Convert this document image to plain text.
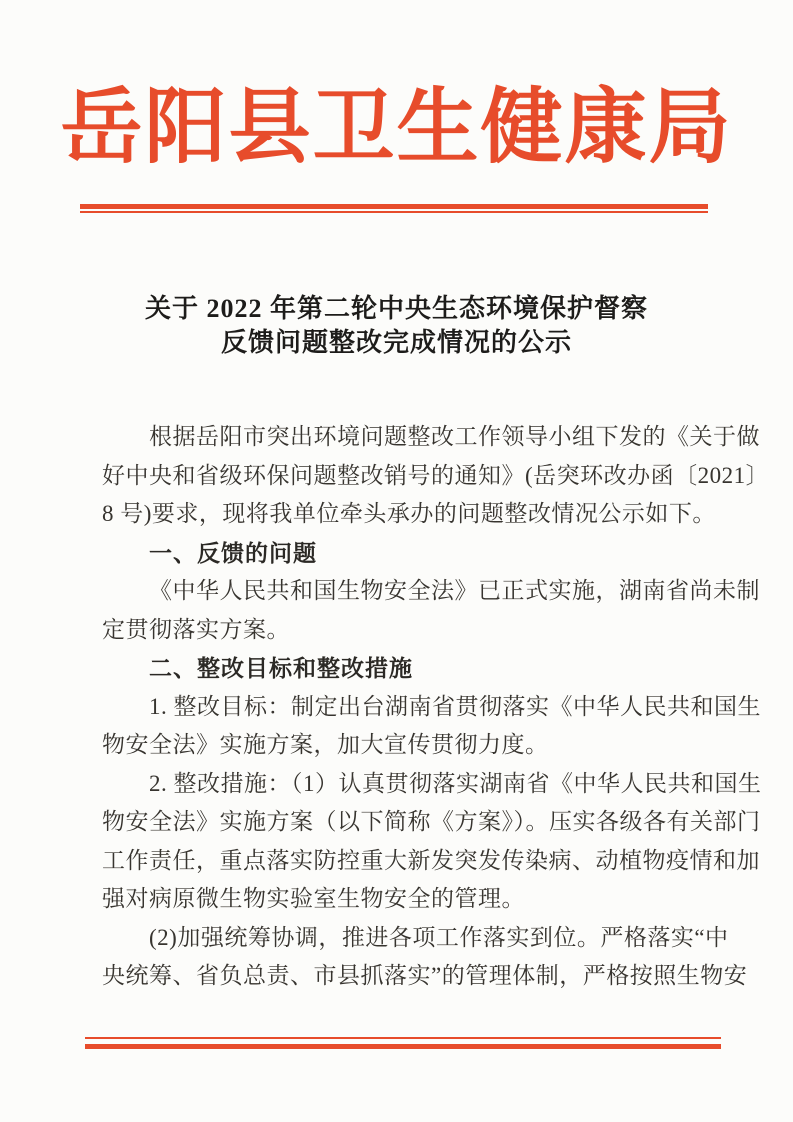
岳阳县卫生健康局
关于 2022 年第二轮中央生态环境保护督察
反馈问题整改完成情况的公示
根据岳阳市突出环境问题整改工作领导小组下发的《关于做
好中央和省级环保问题整改销号的通知》(岳突环改办函〔2021〕
8 号)要求，现将我单位牵头承办的问题整改情况公示如下。
一、反馈的问题
《中华人民共和国生物安全法》已正式实施，湖南省尚未制
定贯彻落实方案。
二、整改目标和整改措施
1. 整改目标：制定出台湖南省贯彻落实《中华人民共和国生
物安全法》实施方案，加大宣传贯彻力度。
2. 整改措施：（1）认真贯彻落实湖南省《中华人民共和国生
物安全法》实施方案（以下简称《方案》）。压实各级各有关部门
工作责任，重点落实防控重大新发突发传染病、动植物疫情和加
强对病原微生物实验室生物安全的管理。
(2)加强统筹协调，推进各项工作落实到位。严格落实“中
央统筹、省负总责、市县抓落实”的管理体制，严格按照生物安
